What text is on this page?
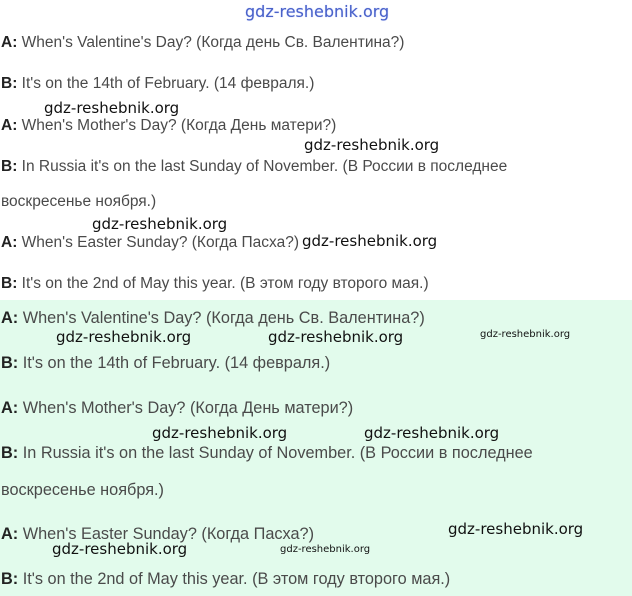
gdz-reshebnik.org
A: When's Valentine's Day? (Когда день Св. Валентина?)
B: It's on the 14th of February. (14 февраля.)
A: When's Mother's Day? (Когда День матери?)
B: In Russia it's on the last Sunday of November. (В России в последнее
воскресенье ноября.)
A: When's Easter Sunday? (Когда Пасха?)
B: It's on the 2nd of May this year. (В этом году второго мая.)
A: When's Valentine's Day? (Когда день Св. Валентина?)
B: It's on the 14th of February. (14 февраля.)
A: When's Mother's Day? (Когда День матери?)
B: In Russia it's on the last Sunday of November. (В России в последнее
воскресенье ноября.)
A: When's Easter Sunday? (Когда Пасха?)
B: It's on the 2nd of May this year. (В этом году второго мая.)
gdz-reshebnik.org
gdz-reshebnik.org
gdz-reshebnik.org
gdz-reshebnik.org
gdz-reshebnik.org	gdz-reshebnik.org	gdz-reshebnik.org
gdz-reshebnik.org	gdz-reshebnik.org
gdz-reshebnik.org
gdz-reshebnik.org	gdz-reshebnik.org
